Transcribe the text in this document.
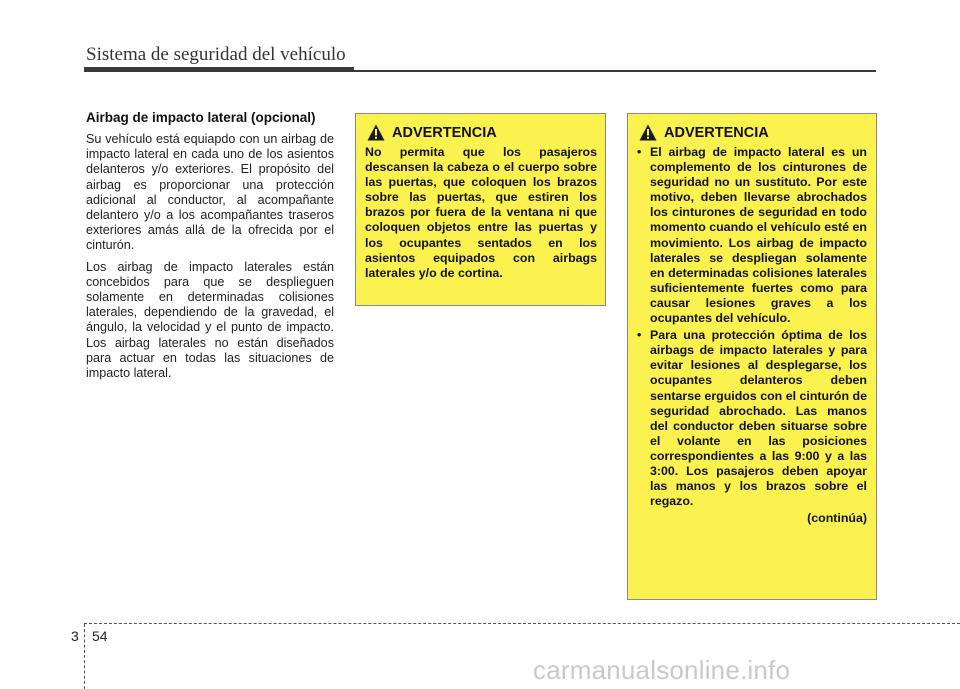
Sistema de seguridad del vehículo
Airbag de impacto lateral (opcional)

Su vehículo está equiapdo con un airbag de impacto lateral en cada uno de los asientos delanteros y/o exteriores. El propósito del airbag es proporcionar una protección adicional al conductor, al acompañante delantero y/o a los acompañantes traseros exteriores amás allá de la ofrecida por el cinturón.

Los airbag de impacto laterales están concebidos para que se desplieguen solamente en determinadas colisiones laterales, dependiendo de la gravedad, el ángulo, la velocidad y el punto de impacto. Los airbag laterales no están diseñados para actuar en todas las situaciones de impacto lateral.

ADVERTENCIA

No permita que los pasajeros descansen la cabeza o el cuerpo sobre las puertas, que coloquen los brazos sobre las puertas, que estiren los brazos por fuera de la ventana ni que coloquen objetos entre las puertas y los ocupantes sentados en los asientos equipados con airbags laterales y/o de cortina.

ADVERTENCIA
• El airbag de impacto lateral es un complemento de los cinturones de seguridad no un sustituto. Por este motivo, deben llevarse abrochados los cinturones de seguridad en todo momento cuando el vehículo esté en movimiento. Los airbag de impacto laterales se despliegan solamente en determinadas colisiones laterales suficientemente fuertes como para causar lesiones graves a los ocupantes del vehículo.
• Para una protección óptima de los airbags de impacto laterales y para evitar lesiones al desplegarse, los ocupantes delanteros deben sentarse erguidos con el cinturón de seguridad abrochado. Las manos del conductor deben situarse sobre el volante en las posiciones correspondientes a las 9:00 y a las 3:00. Los pasajeros deben apoyar las manos y los brazos sobre el regazo.
(continúa)
3 54
carmanualsonline.info
